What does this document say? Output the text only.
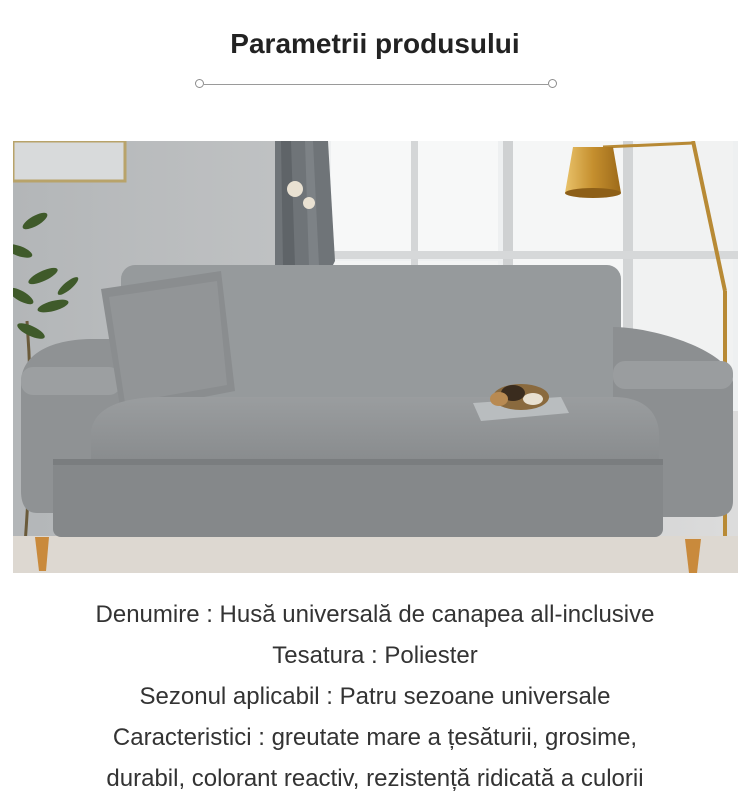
Parametrii produsului
Denumire : Husă universală de canapea all-inclusive
Tesatura : Poliester
Sezonul aplicabil : Patru sezoane universale
Caracteristici : greutate mare a țesăturii, grosime,
durabil, colorant reactiv, rezistență ridicată a culorii
